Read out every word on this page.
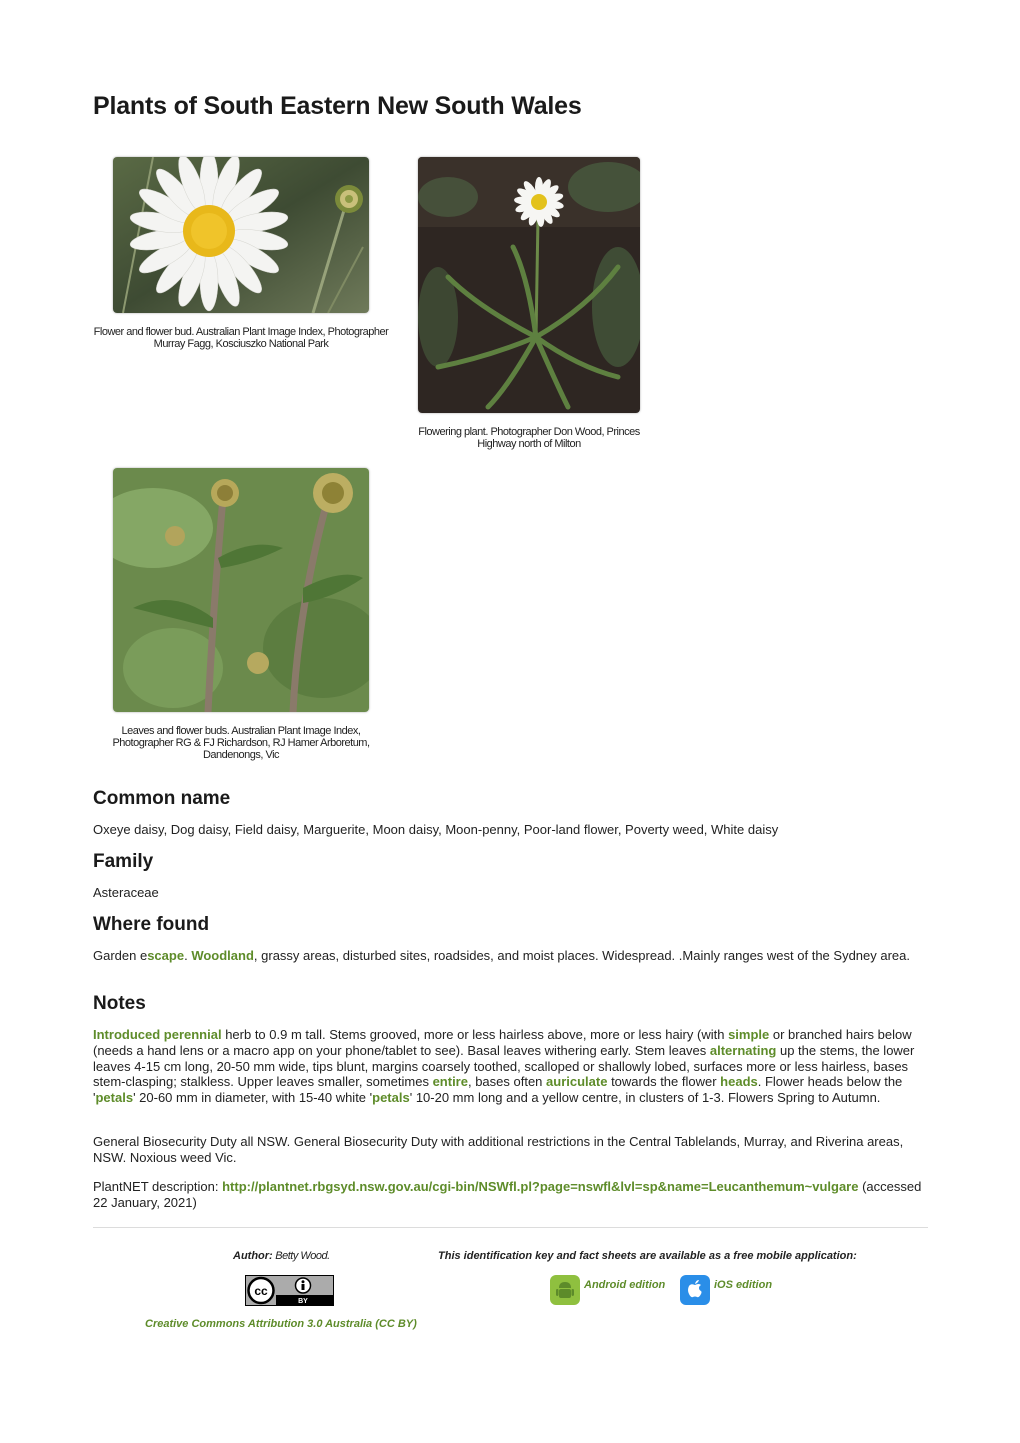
Plants of South Eastern New South Wales
Flower and flower bud. Australian Plant Image Index, Photographer Murray Fagg, Kosciuszko National Park
Flowering plant. Photographer Don Wood, Princes Highway north of Milton
Leaves and flower buds. Australian Plant Image Index, Photographer RG & FJ Richardson, RJ Hamer Arboretum, Dandenongs, Vic
Common name
Oxeye daisy, Dog daisy, Field daisy, Marguerite, Moon daisy, Moon-penny, Poor-land flower, Poverty weed, White daisy
Family
Asteraceae
Where found
Garden escape. Woodland, grassy areas, disturbed sites, roadsides, and moist places. Widespread. .Mainly ranges west of the Sydney area.
Notes
Introduced perennial herb to 0.9 m tall. Stems grooved, more or less hairless above, more or less hairy (with simple or branched hairs below (needs a hand lens or a macro app on your phone/tablet to see). Basal leaves withering early. Stem leaves alternating up the stems, the lower leaves 4-15 cm long, 20-50 mm wide, tips blunt, margins coarsely toothed, scalloped or shallowly lobed, surfaces more or less hairless, bases stem-clasping; stalkless. Upper leaves smaller, sometimes entire, bases often auriculate towards the flower heads. Flower heads below the 'petals' 20-60 mm in diameter, with 15-40 white 'petals' 10-20 mm long and a yellow centre, in clusters of 1-3. Flowers Spring to Autumn.
General Biosecurity Duty all NSW. General Biosecurity Duty with additional restrictions in the Central Tablelands, Murray, and Riverina areas, NSW. Noxious weed Vic.
PlantNET description: http://plantnet.rbgsyd.nsw.gov.au/cgi-bin/NSWfl.pl?page=nswfl&lvl=sp&name=Leucanthemum~vulgare (accessed 22 January, 2021)
Author: Betty Wood.	This identification key and fact sheets are available as a free mobile application:
cc
BY
Creative Commons Attribution 3.0 Australia (CC BY)
Android edition	iOS edition
